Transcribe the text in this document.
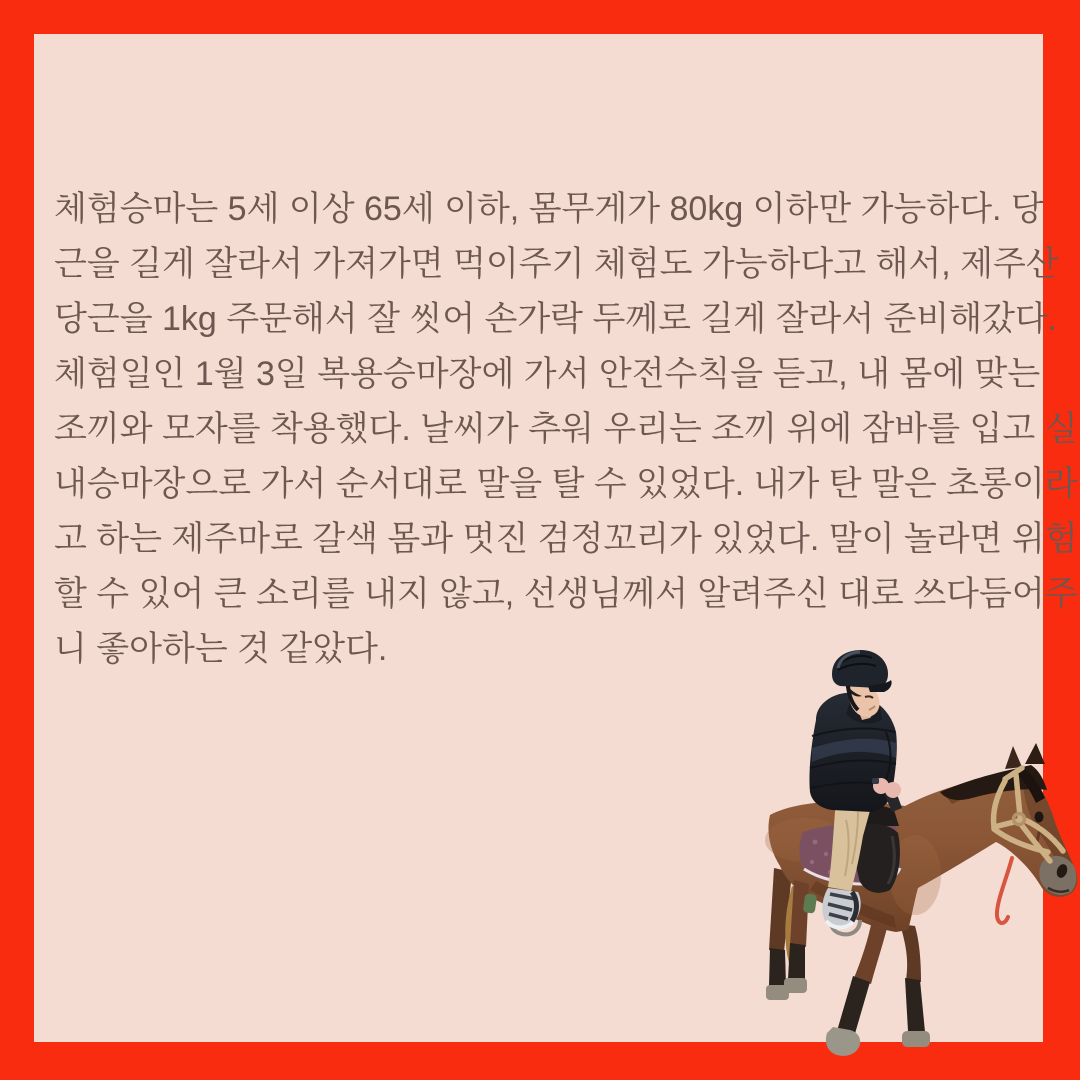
체험승마는 5세 이상 65세 이하, 몸무게가 80kg 이하만 가능하다. 당
근을 길게 잘라서 가져가면 먹이주기 체험도 가능하다고 해서, 제주산
당근을 1kg 주문해서 잘 씻어 손가락 두께로 길게 잘라서 준비해갔다.
체험일인 1월 3일 복용승마장에 가서 안전수칙을 듣고, 내 몸에 맞는
조끼와 모자를 착용했다. 날씨가 추워 우리는 조끼 위에 잠바를 입고 실
내승마장으로 가서 순서대로 말을 탈 수 있었다. 내가 탄 말은 초롱이라
고 하는 제주마로 갈색 몸과 멋진 검정꼬리가 있었다. 말이 놀라면 위험
할 수 있어 큰 소리를 내지 않고, 선생님께서 알려주신 대로 쓰다듬어주
니 좋아하는 것 같았다.
